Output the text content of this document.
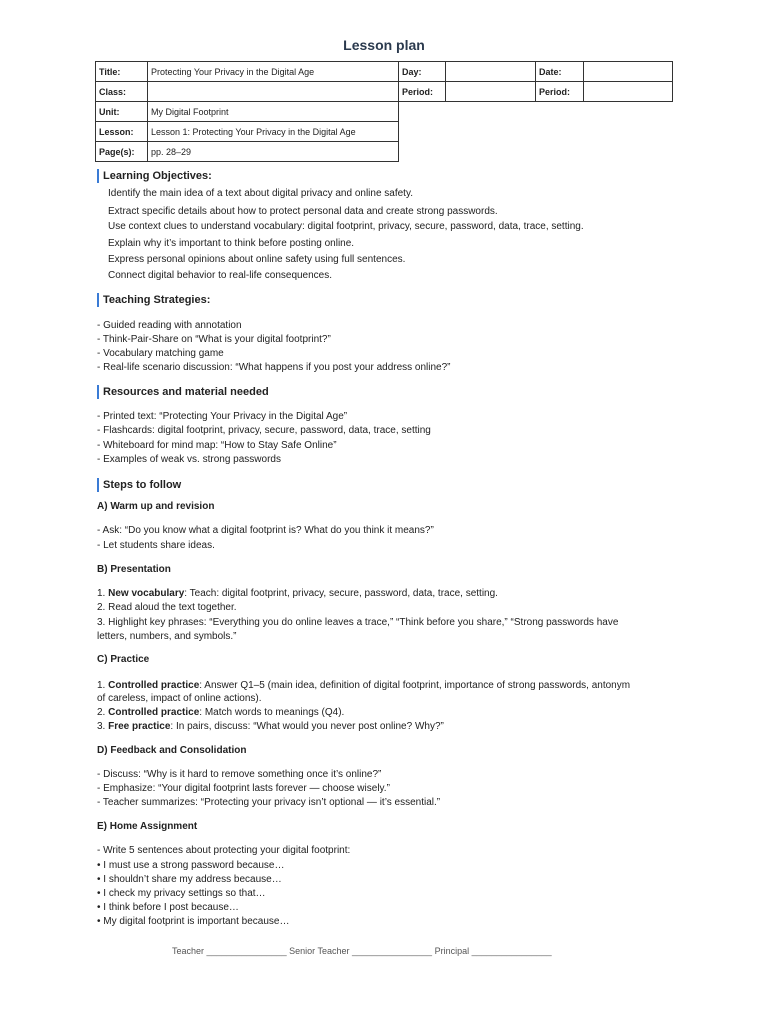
Lesson plan
Title:	Protecting Your Privacy in the Digital Age	Day:		Date:	
Class:		Period:		Period:	
Unit:	My Digital Footprint				
Lesson:	Lesson 1: Protecting Your Privacy in the Digital Age				
Page(s):	pp. 28–29				
Learning Objectives:
Identify the main idea of a text about digital privacy and online safety.
Extract specific details about how to protect personal data and create strong passwords.
Use context clues to understand vocabulary: digital footprint, privacy, secure, password, data, trace, setting.
Explain why it’s important to think before posting online.
Express personal opinions about online safety using full sentences.
Connect digital behavior to real-life consequences.
Teaching Strategies:
- Guided reading with annotation
- Think-Pair-Share on “What is your digital footprint?”
- Vocabulary matching game
- Real-life scenario discussion: “What happens if you post your address online?”
Resources and material needed
- Printed text: “Protecting Your Privacy in the Digital Age”
- Flashcards: digital footprint, privacy, secure, password, data, trace, setting
- Whiteboard for mind map: “How to Stay Safe Online”
- Examples of weak vs. strong passwords
Steps to follow
A) Warm up and revision
- Ask: “Do you know what a digital footprint is? What do you think it means?”
- Let students share ideas.
B) Presentation
1. New vocabulary: Teach: digital footprint, privacy, secure, password, data, trace, setting.
2. Read aloud the text together.
3. Highlight key phrases: “Everything you do online leaves a trace,” “Think before you share,” “Strong passwords have
letters, numbers, and symbols.”
C) Practice
1. Controlled practice: Answer Q1–5 (main idea, definition of digital footprint, importance of strong passwords, antonym
of careless, impact of online actions).
2. Controlled practice: Match words to meanings (Q4).
3. Free practice: In pairs, discuss: “What would you never post online? Why?”
D) Feedback and Consolidation
- Discuss: “Why is it hard to remove something once it’s online?”
- Emphasize: “Your digital footprint lasts forever — choose wisely.”
- Teacher summarizes: “Protecting your privacy isn’t optional — it’s essential.”
E) Home Assignment
- Write 5 sentences about protecting your digital footprint:
• I must use a strong password because…
• I shouldn’t share my address because…
• I check my privacy settings so that…
• I think before I post because…
• My digital footprint is important because…
Teacher ________________ Senior Teacher ________________ Principal ________________
